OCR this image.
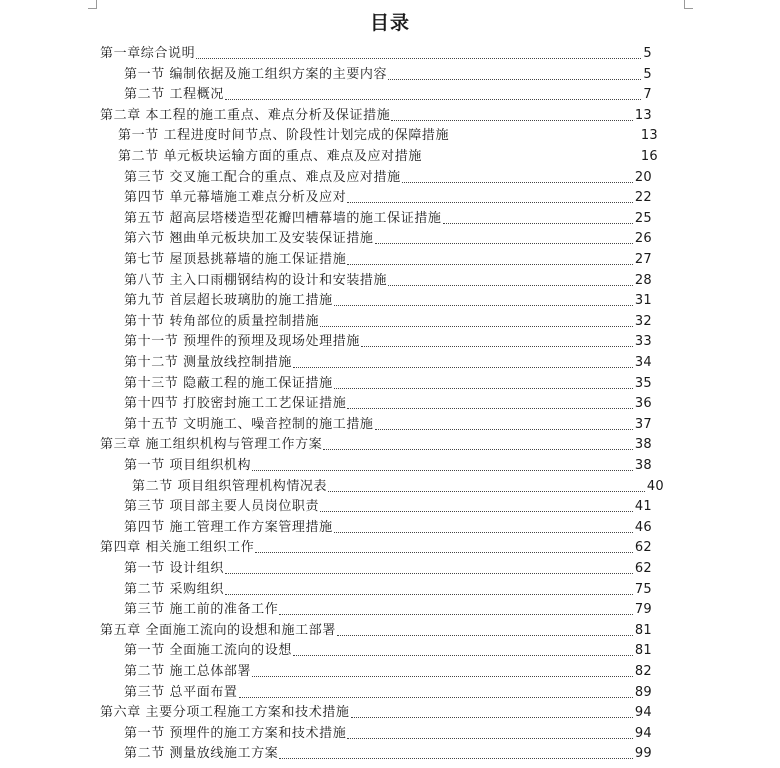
目录
第一章综合说明	5
第一节 编制依据及施工组织方案的主要内容	5
第二节 工程概况	7
第二章 本工程的施工重点、难点分析及保证措施	13
第一节 工程进度时间节点、阶段性计划完成的保障措施	13
第二节 单元板块运输方面的重点、难点及应对措施	16
第三节 交叉施工配合的重点、难点及应对措施	20
第四节 单元幕墙施工难点分析及应对	22
第五节 超高层塔楼造型花瓣凹槽幕墙的施工保证措施	25
第六节 翘曲单元板块加工及安装保证措施	26
第七节 屋顶悬挑幕墙的施工保证措施	27
第八节 主入口雨棚钢结构的设计和安装措施	28
第九节 首层超长玻璃肋的施工措施	31
第十节 转角部位的质量控制措施	32
第十一节 预埋件的预埋及现场处理措施	33
第十二节 测量放线控制措施	34
第十三节 隐蔽工程的施工保证措施	35
第十四节 打胶密封施工工艺保证措施	36
第十五节 文明施工、噪音控制的施工措施	37
第三章 施工组织机构与管理工作方案	38
第一节 项目组织机构	38
第二节 项目组织管理机构情况表	40
第三节 项目部主要人员岗位职责	41
第四节 施工管理工作方案管理措施	46
第四章 相关施工组织工作	62
第一节 设计组织	62
第二节 采购组织	75
第三节 施工前的准备工作	79
第五章 全面施工流向的设想和施工部署	81
第一节 全面施工流向的设想	81
第二节 施工总体部署	82
第三节 总平面布置	89
第六章 主要分项工程施工方案和技术措施	94
第一节 预埋件的施工方案和技术措施	94
第二节 测量放线施工方案	99
